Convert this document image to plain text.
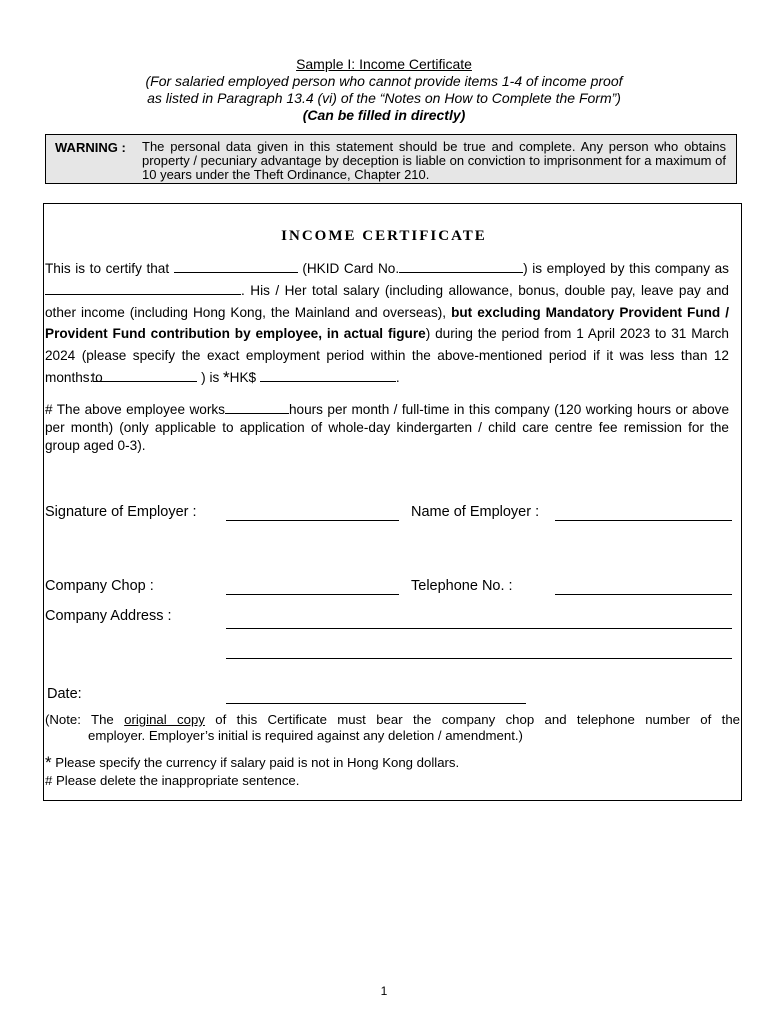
Sample I: Income Certificate
(For salaried employed person who cannot provide items 1-4 of income proof
as listed in Paragraph 13.4 (vi) of the “Notes on How to Complete the Form”)
(Can be filled in directly)
WARNING : The personal data given in this statement should be true and complete. Any person who obtains property / pecuniary advantage by deception is liable on conviction to imprisonment for a maximum of 10 years under the Theft Ordinance, Chapter 210.
INCOME CERTIFICATE
This is to certify that	(HKID Card No.	) is employed by this company as . His / Her total salary (including allowance, bonus, double pay, leave pay and other income (including Hong Kong, the Mainland and overseas), but excluding Mandatory Provident Fund / Provident Fund contribution by employee, in actual figure) during the period from 1 April 2023 to 31 March 2024 (please specify the exact employment period within the above-mentioned period if it was less than 12 months:to	) is *HK$	.
# The above employee works	hours per month / full-time in this company (120 working hours or above per month) (only applicable to application of whole-day kindergarten / child care centre fee remission for the group aged 0-3).
Signature of Employer :	Name of Employer :
Company Chop :	Telephone No. :
Company Address :
Date:
(Note: The original copy of this Certificate must bear the company chop and telephone number of the
employer. Employer’s initial is required against any deletion / amendment.)
* Please specify the currency if salary paid is not in Hong Kong dollars.
# Please delete the inappropriate sentence.
1
